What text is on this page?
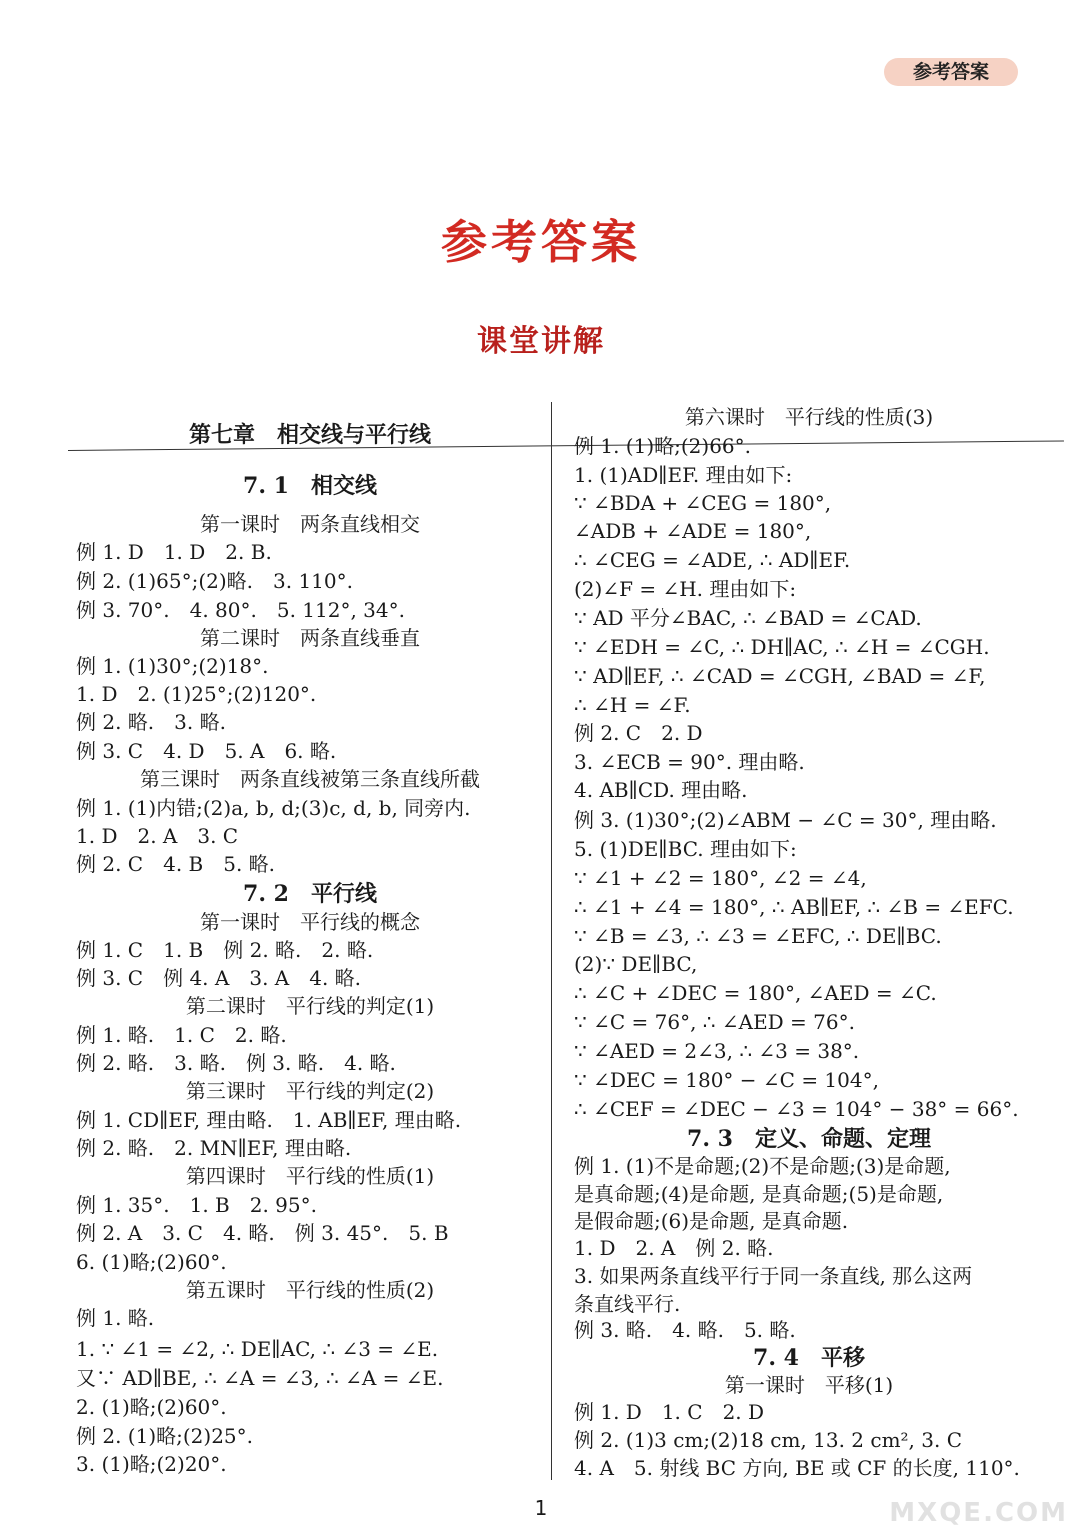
参考答案
参考答案
课堂讲解
第七章　相交线与平行线
7. 1　相交线
第一课时　两条直线相交
例 1. D　1. D　2. B.
例 2. (1)65°;(2)略.　3. 110°.
例 3. 70°.　4. 80°.　5. 112°, 34°.
第二课时　两条直线垂直
例 1. (1)30°;(2)18°.
1. D　2. (1)25°;(2)120°.
例 2. 略.　3. 略.
例 3. C　4. D　5. A　6. 略.
第三课时　两条直线被第三条直线所截
例 1. (1)内错;(2)a, b, d;(3)c, d, b, 同旁内.
1. D　2. A　3. C
例 2. C　4. B　5. 略.
7. 2　平行线
第一课时　平行线的概念
例 1. C　1. B　例 2. 略.　2. 略.
例 3. C　例 4. A　3. A　4. 略.
第二课时　平行线的判定(1)
例 1. 略.　1. C　2. 略.
例 2. 略.　3. 略.　例 3. 略.　4. 略.
第三课时　平行线的判定(2)
例 1. CD∥EF, 理由略.　1. AB∥EF, 理由略.
例 2. 略.　2. MN∥EF, 理由略.
第四课时　平行线的性质(1)
例 1. 35°.　1. B　2. 95°.
例 2. A　3. C　4. 略.　例 3. 45°.　5. B
6. (1)略;(2)60°.
第五课时　平行线的性质(2)
例 1. 略.
1. ∵ ∠1 = ∠2, ∴ DE∥AC, ∴ ∠3 = ∠E.
又∵ AD∥BE, ∴ ∠A = ∠3, ∴ ∠A = ∠E.
2. (1)略;(2)60°.
例 2. (1)略;(2)25°.
3. (1)略;(2)20°.
第六课时　平行线的性质(3)
例 1. (1)略;(2)66°.
1. (1)AD∥EF. 理由如下:
∵ ∠BDA + ∠CEG = 180°,
∠ADB + ∠ADE = 180°,
∴ ∠CEG = ∠ADE, ∴ AD∥EF.
(2)∠F = ∠H. 理由如下:
∵ AD 平分∠BAC, ∴ ∠BAD = ∠CAD.
∵ ∠EDH = ∠C, ∴ DH∥AC, ∴ ∠H = ∠CGH.
∵ AD∥EF, ∴ ∠CAD = ∠CGH, ∠BAD = ∠F,
∴ ∠H = ∠F.
例 2. C　2. D
3. ∠ECB = 90°. 理由略.
4. AB∥CD. 理由略.
例 3. (1)30°;(2)∠ABM − ∠C = 30°, 理由略.
5. (1)DE∥BC. 理由如下:
∵ ∠1 + ∠2 = 180°, ∠2 = ∠4,
∴ ∠1 + ∠4 = 180°, ∴ AB∥EF, ∴ ∠B = ∠EFC.
∵ ∠B = ∠3, ∴ ∠3 = ∠EFC, ∴ DE∥BC.
(2)∵ DE∥BC,
∴ ∠C + ∠DEC = 180°, ∠AED = ∠C.
∵ ∠C = 76°, ∴ ∠AED = 76°.
∵ ∠AED = 2∠3, ∴ ∠3 = 38°.
∵ ∠DEC = 180° − ∠C = 104°,
∴ ∠CEF = ∠DEC − ∠3 = 104° − 38° = 66°.
7. 3　定义、命题、定理
例 1. (1)不是命题;(2)不是命题;(3)是命题,
是真命题;(4)是命题, 是真命题;(5)是命题,
是假命题;(6)是命题, 是真命题.
1. D　2. A　例 2. 略.
3. 如果两条直线平行于同一条直线, 那么这两
条直线平行.
例 3. 略.　4. 略.　5. 略.
7. 4　平移
第一课时　平移(1)
例 1. D　1. C　2. D
例 2. (1)3 cm;(2)18 cm, 13. 2 cm², 3. C
4. A　5. 射线 BC 方向, BE 或 CF 的长度, 110°.
1	MXQE.COM
